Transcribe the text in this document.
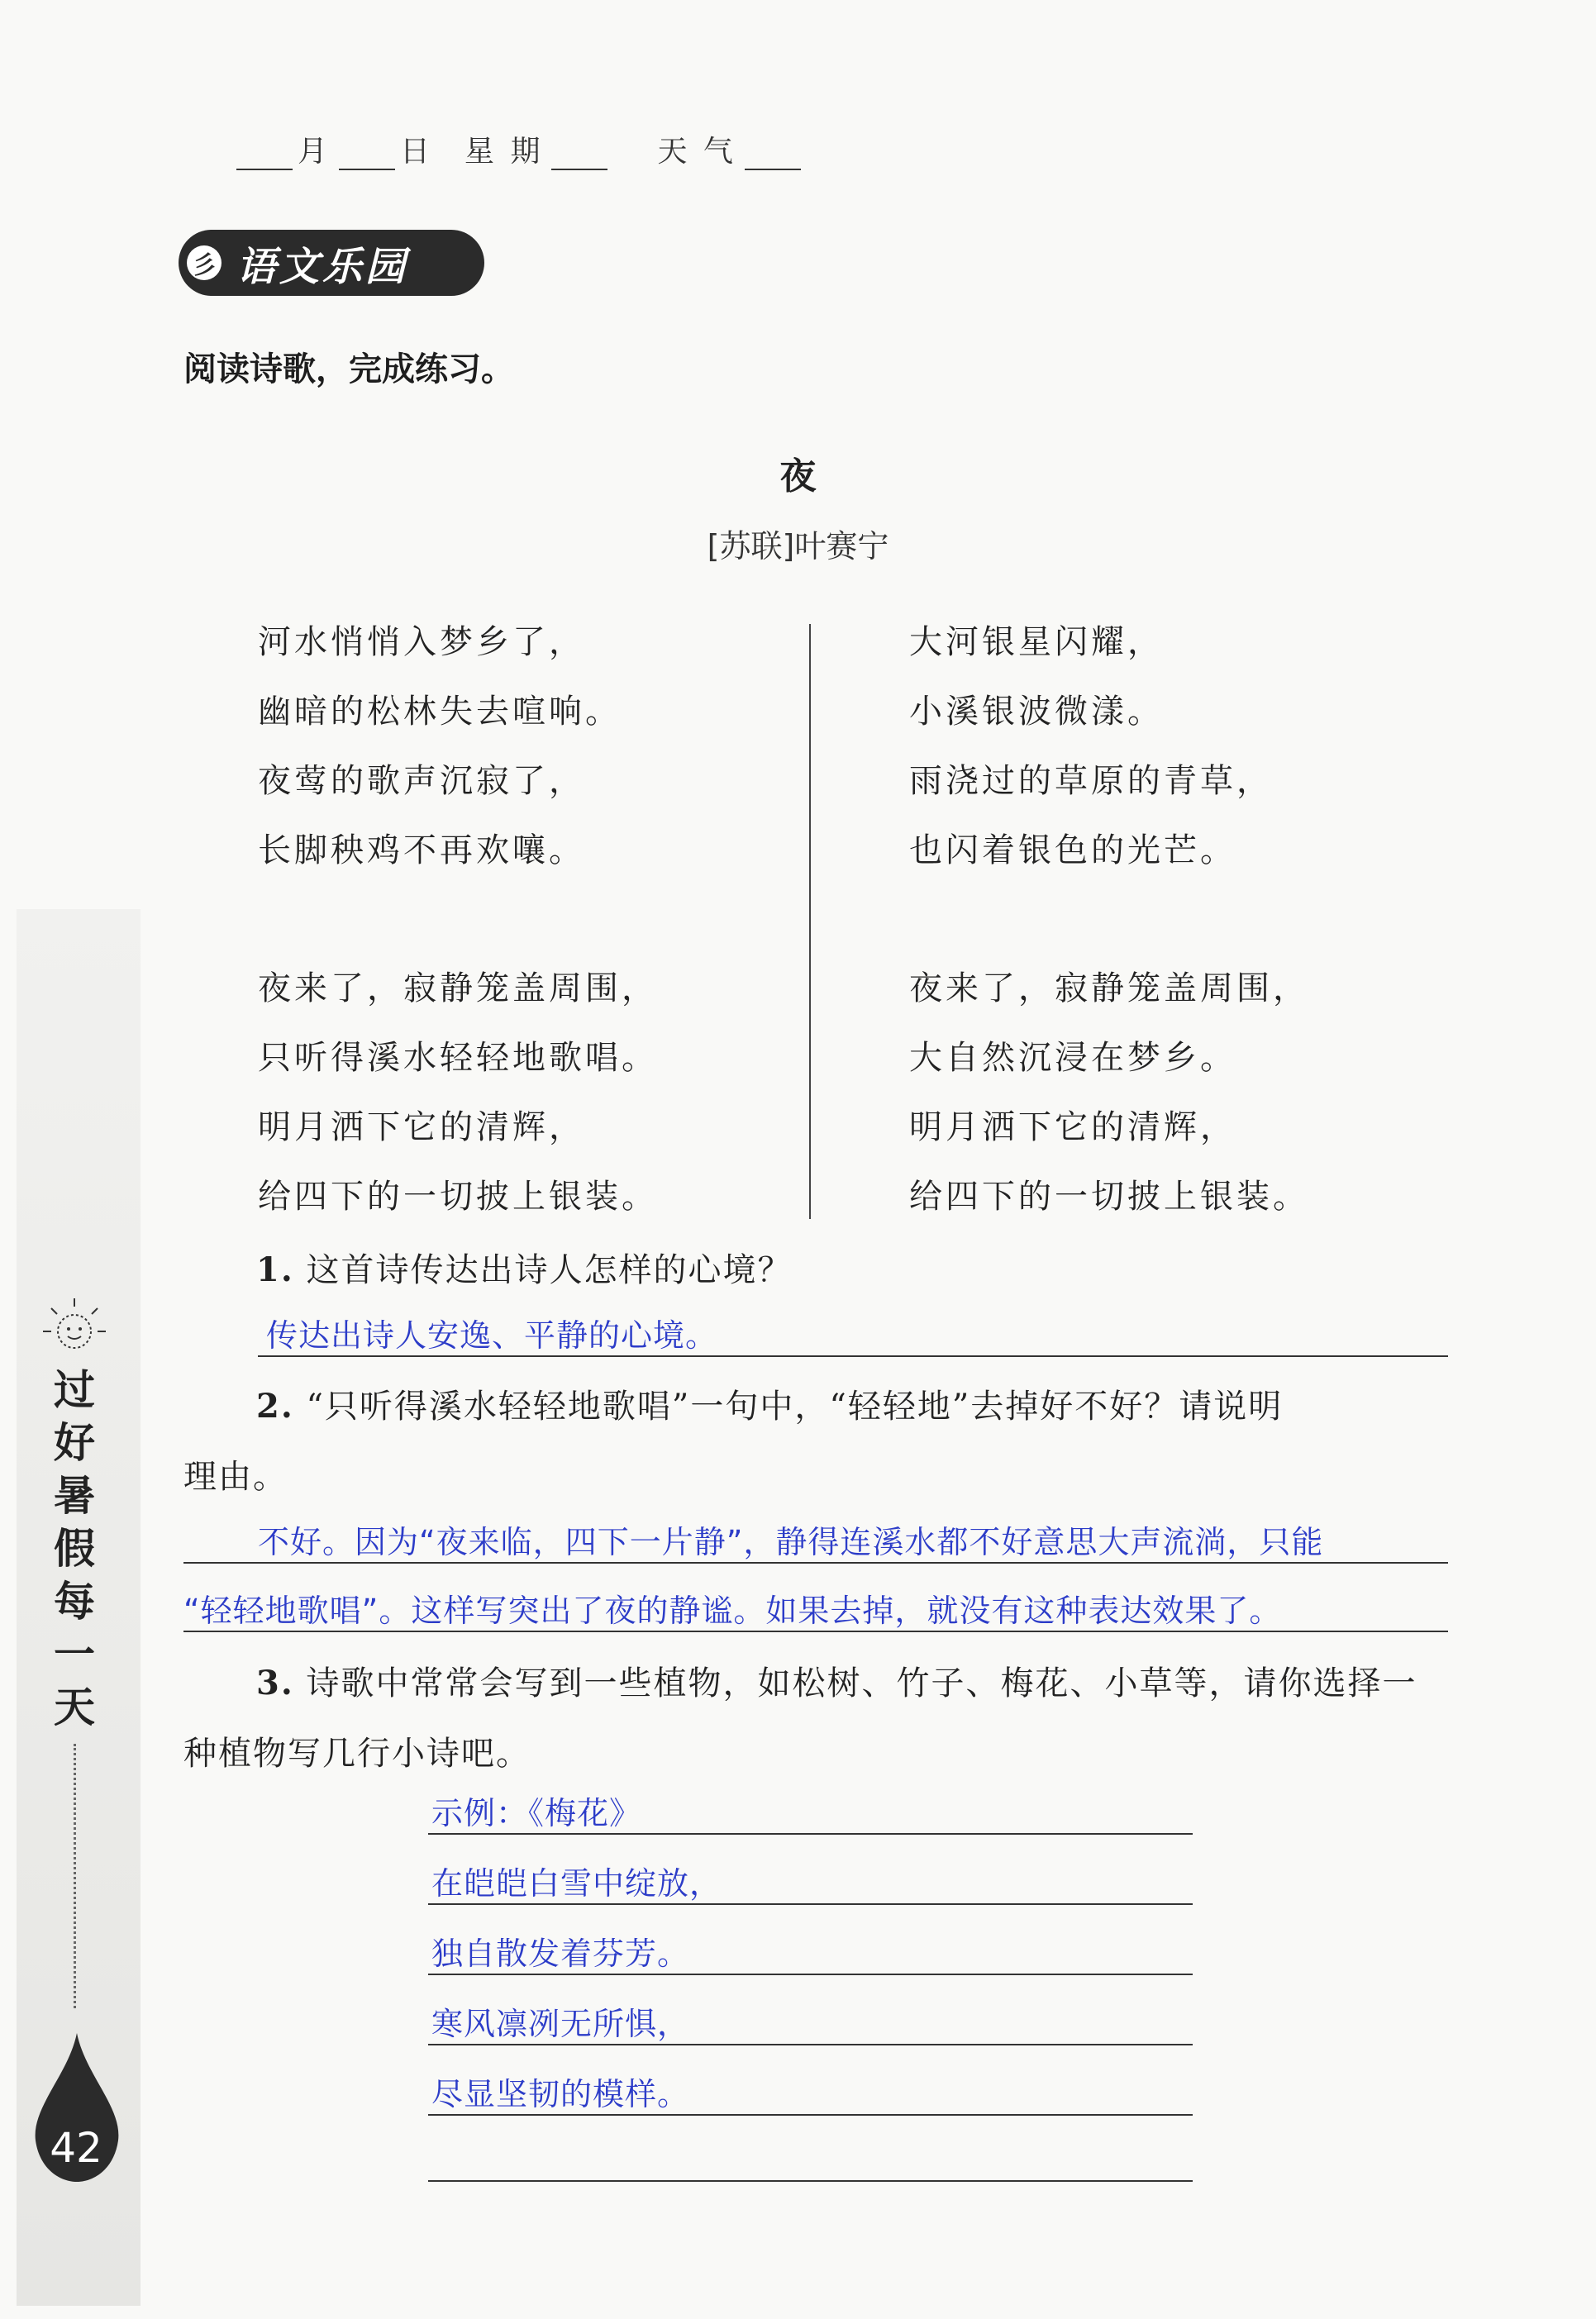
月 日 星 期	天 气
彡 语文乐园
阅读诗歌，完成练习。
夜
[苏联]叶赛宁
河水悄悄入梦乡了，
幽暗的松林失去喧响。
夜莺的歌声沉寂了，
长脚秧鸡不再欢嚷。
夜来了，寂静笼盖周围，
只听得溪水轻轻地歌唱。
明月洒下它的清辉，
给四下的一切披上银装。
大河银星闪耀，
小溪银波微漾。
雨浇过的草原的青草，
也闪着银色的光芒。
夜来了，寂静笼盖周围，
大自然沉浸在梦乡。
明月洒下它的清辉，
给四下的一切披上银装。
1. 这首诗传达出诗人怎样的心境？
传达出诗人安逸、平静的心境。
2. “只听得溪水轻轻地歌唱”一句中，“轻轻地”去掉好不好？请说明
理由。
不好。因为“夜来临，四下一片静”，静得连溪水都不好意思大声流淌，只能
“轻轻地歌唱”。这样写突出了夜的静谧。如果去掉，就没有这种表达效果了。
3. 诗歌中常常会写到一些植物，如松树、竹子、梅花、小草等，请你选择一
种植物写几行小诗吧。
示例：《梅花》
在皑皑白雪中绽放，
独自散发着芬芳。
寒风凛冽无所惧，
尽显坚韧的模样。
过
好
暑
假
每
一
天
42
